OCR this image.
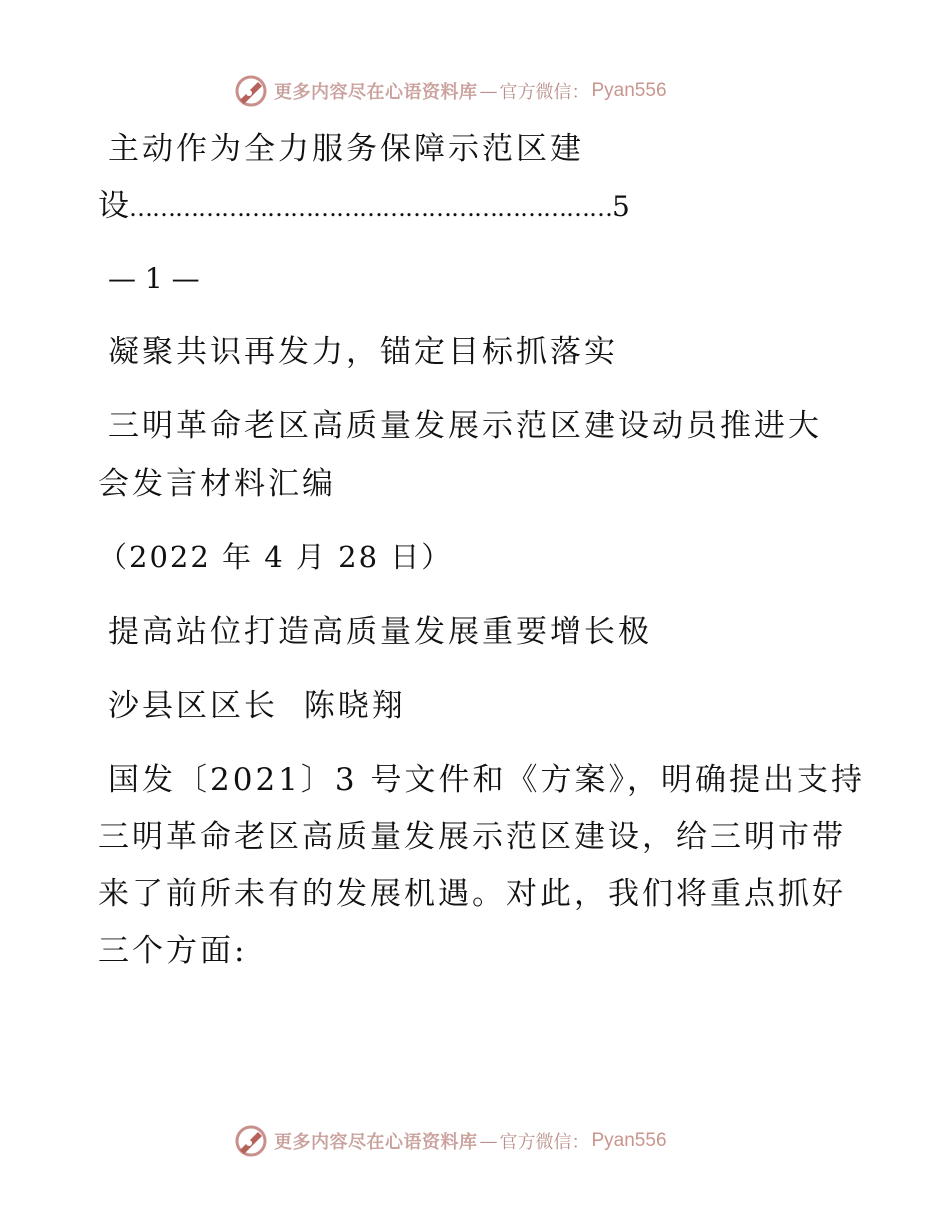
更多内容尽在心语资料库 — 官方微信： Pyan556
主动作为全力服务保障示范区建
设………………………………………………………5
— 1 —
凝聚共识再发力，锚定目标抓落实
三明革命老区高质量发展示范区建设动员推进大
会发言材料汇编
（2022 年 4 月 28 日）
提高站位打造高质量发展重要增长极
沙县区区长  陈晓翔
国发〔2021〕3 号文件和《方案》，明确提出支持
三明革命老区高质量发展示范区建设，给三明市带
来了前所未有的发展机遇。对此，我们将重点抓好
三个方面:
更多内容尽在心语资料库 — 官方微信： Pyan556
